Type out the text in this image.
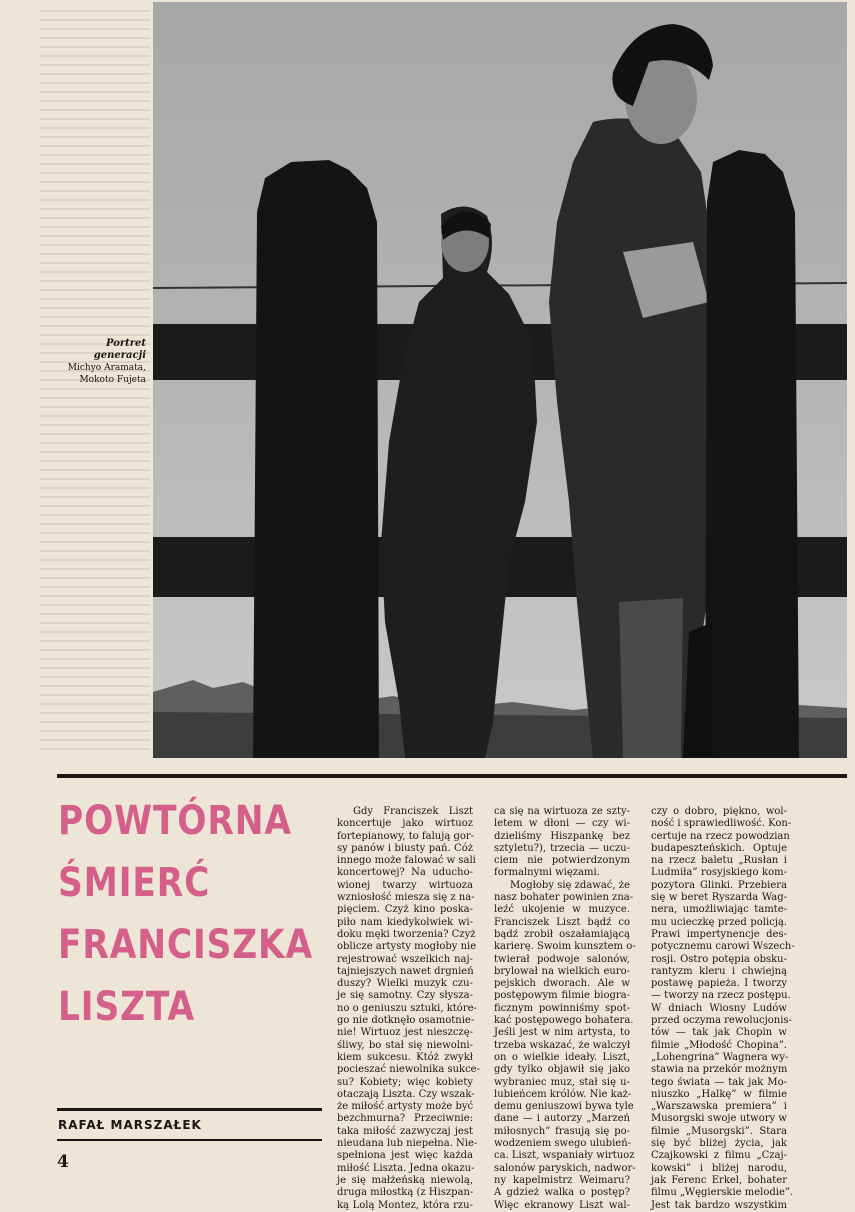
Portret
generacji
Michyo Aramata,
Mokoto Fujeta
POWTÓRNA
ŚMIERĆ
FRANCISZKA
LISZTA
RAFAŁ MARSZAŁEK
4
Gdy Franciszek Liszt
koncertuje jako wirtuoz
fortepianowy, to falują gor-
sy panów i biusty pań. Cóż
innego może falować w sali
koncertowej? Na uducho-
wionej twarzy wirtuoza
wzniosłość miesza się z na-
pięciem. Czyż kino poska-
piło nam kiedykolwiek wi-
doku męki tworzenia? Czyż
oblicze artysty mogłoby nie
rejestrować wszelkich naj-
tajniejszych nawet drgnień
duszy? Wielki muzyk czu-
je się samotny. Czy słysza-
no o geniuszu sztuki, które-
go nie dotknęło osamotnie-
nie! Wirtuoz jest nieszczę-
śliwy, bo stał się niewolni-
kiem sukcesu. Któż zwykł
pocieszać niewolnika sukce-
su? Kobiety; więc kobiety
otaczają Liszta. Czy wszak-
że miłość artysty może być
bezchmurna? Przeciwnie:
taka miłość zazwyczaj jest
nieudana lub niepełna. Nie-
spełniona jest więc każda
miłość Liszta. Jedna okazu-
je się małżeńską niewolą,
druga miłostką (z Hiszpan-
ką Lolą Montez, która rzu-
ca się na wirtuoza ze szty-
letem w dłoni — czy wi-
dzieliśmy Hiszpankę bez
sztyletu?), trzecia — uczu-
ciem nie potwierdzonym
formalnymi więzami.
Mogłoby się zdawać, że
nasz bohater powinien zna-
leźć ukojenie w muzyce.
Franciszek Liszt bądź co
bądź zrobił oszałamiającą
karierę. Swoim kunsztem o-
twierał podwoje salonów,
brylował na wielkich euro-
pejskich dworach. Ale w
postępowym filmie biogra-
ficznym powinniśmy spot-
kać postępowego bohatera.
Jeśli jest w nim artysta, to
trzeba wskazać, że walczył
on o wielkie ideały. Liszt,
gdy tylko objawił się jako
wybraniec muz, stał się u-
lubieńcem królów. Nie każ-
demu geniuszowi bywa tyle
dane — i autorzy „Marzeń
miłosnych” frasują się po-
wodzeniem swego ulubień-
ca. Liszt, wspaniały wirtuoz
salonów paryskich, nadwor-
ny kapelmistrz Weimaru?
A gdzież walka o postęp?
Więc ekranowy Liszt wal-
czy o dobro, piękno, wol-
ność i sprawiedliwość. Kon-
certuje na rzecz powodzian
budapeszteńskich. Optuje
na rzecz baletu „Rusłan i
Ludmiła” rosyjskiego kom-
pozytora Glinki. Przebiera
się w beret Ryszarda Wag-
nera, umożliwiając tamte-
mu ucieczkę przed policją.
Prawi impertynencje des-
potycznemu carowi Wszech-
rosji. Ostro potępia obsku-
rantyzm kleru i chwiejną
postawę papieża. I tworzy
— tworzy na rzecz postępu.
W dniach Wiosny Ludów
przed oczyma rewolucjonis-
tów — tak jak Chopin w
filmie „Młodość Chopina”.
„Lohengrina” Wagnera wy-
stawia na przekór możnym
tego świata — tak jak Mo-
niuszko „Halkę” w filmie
„Warszawska premiera” i
Musorgski swoje utwory w
filmie „Musorgski”. Stara
się być bliżej życia, jak
Czajkowski z filmu „Czaj-
kowski” i bliżej narodu,
jak Ferenc Erkel, bohater
filmu „Węgierskie melodie”.
Jest tak bardzo wszystkim
